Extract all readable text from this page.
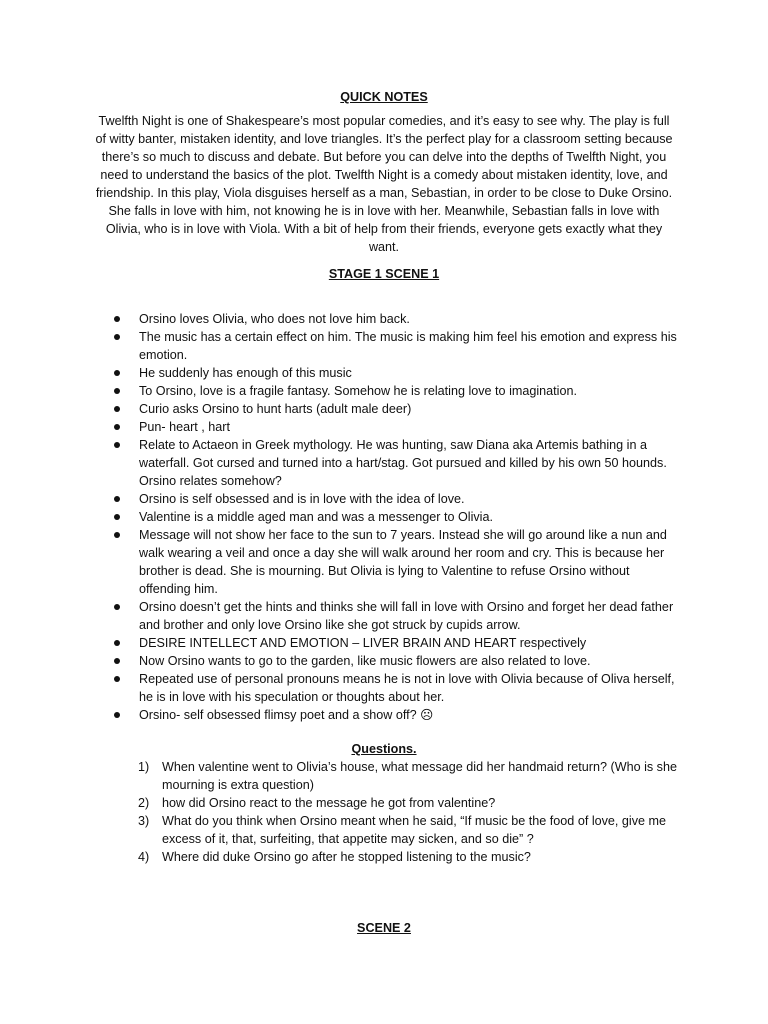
QUICK NOTES

Twelfth Night is one of Shakespeare’s most popular comedies, and it’s easy to see why. The play is full of witty banter, mistaken identity, and love triangles. It’s the perfect play for a classroom setting because there’s so much to discuss and debate. But before you can delve into the depths of Twelfth Night, you need to understand the basics of the plot. Twelfth Night is a comedy about mistaken identity, love, and friendship. In this play, Viola disguises herself as a man, Sebastian, in order to be close to Duke Orsino. She falls in love with him, not knowing he is in love with her. Meanwhile, Sebastian falls in love with Olivia, who is in love with Viola. With a bit of help from their friends, everyone gets exactly what they want.

STAGE 1 SCENE 1
Orsino loves Olivia, who does not love him back.
The music has a certain effect on him. The music is making him feel his emotion and express his emotion.
He suddenly has enough of this music
To Orsino, love is a fragile fantasy. Somehow he is relating love to imagination.
Curio asks Orsino to hunt harts (adult male deer)
Pun- heart , hart
Relate to Actaeon in Greek mythology. He was hunting, saw Diana aka Artemis bathing in a waterfall. Got cursed and turned into a hart/stag. Got pursued and killed by his own 50 hounds. Orsino relates somehow?
Orsino is self obsessed and is in love with the idea of love.
Valentine is a middle aged man and was a messenger to Olivia.
Message will not show her face to the sun to 7 years. Instead she will go around like a nun and walk wearing a veil and once a day she will walk around her room and cry. This is because her brother is dead. She is mourning. But Olivia is lying to Valentine to refuse Orsino without offending him.
Orsino doesn’t get the hints and thinks she will fall in love with Orsino and forget her dead father and brother and only love Orsino like she got struck by cupids arrow.
DESIRE INTELLECT AND EMOTION – LIVER BRAIN AND HEART respectively
Now Orsino wants to go to the garden, like music flowers are also related to love.
Repeated use of personal pronouns means he is not in love with Olivia because of Oliva herself, he is in love with his speculation or thoughts about her.
Orsino- self obsessed flimsy poet and a show off? ☹
Questions.
1) When valentine went to Olivia’s house, what message did her handmaid return? (Who is she mourning is extra question)
2) how did Orsino react to the message he got from valentine?
3) What do you think when Orsino meant when he said, “If music be the food of love, give me excess of it, that, surfeiting, that appetite may sicken, and so die” ?
4) Where did duke Orsino go after he stopped listening to the music?
SCENE 2
